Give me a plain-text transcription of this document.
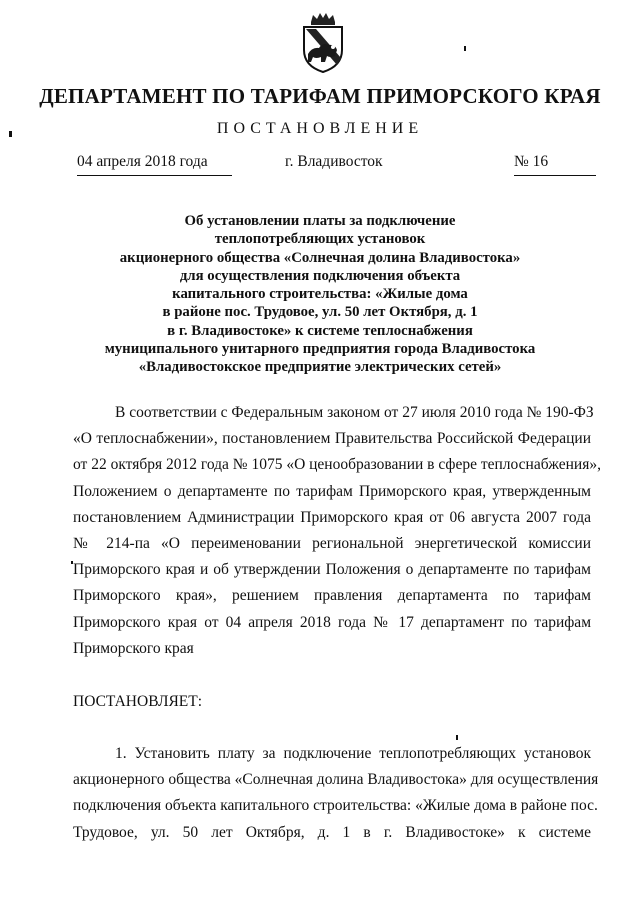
ДЕПАРТАМЕНТ ПО ТАРИФАМ ПРИМОРСКОГО КРАЯ
ПОСТАНОВЛЕНИЕ
04 апреля 2018 года	г. Владивосток	№ 16
Об установлении платы за подключение
теплопотребляющих установок
акционерного общества «Солнечная долина Владивостока»
для осуществления подключения объекта
капитального строительства: «Жилые дома
в районе пос. Трудовое, ул. 50 лет Октября, д. 1
в г. Владивостоке» к системе теплоснабжения
муниципального унитарного предприятия города Владивостока
«Владивостокское предприятие электрических сетей»
В соответствии с Федеральным законом от 27 июля 2010 года № 190-ФЗ
«О теплоснабжении», постановлением Правительства Российской Федерации
от 22 октября 2012 года № 1075 «О ценообразовании в сфере теплоснабжения»,
Положением о департаменте по тарифам Приморского края, утвержденным
постановлением Администрации Приморского края от 06 августа 2007 года
№ 214-па «О переименовании региональной энергетической комиссии
Приморского края и об утверждении Положения о департаменте по тарифам
Приморского края», решением правления департамента по тарифам
Приморского края от 04 апреля 2018 года № 17 департамент по тарифам
Приморского края
ПОСТАНОВЛЯЕТ:
1. Установить плату за подключение теплопотребляющих установок
акционерного общества «Солнечная долина Владивостока» для осуществления
подключения объекта капитального строительства: «Жилые дома в районе пос.
Трудовое, ул. 50 лет Октября, д. 1 в г. Владивостоке» к системе
